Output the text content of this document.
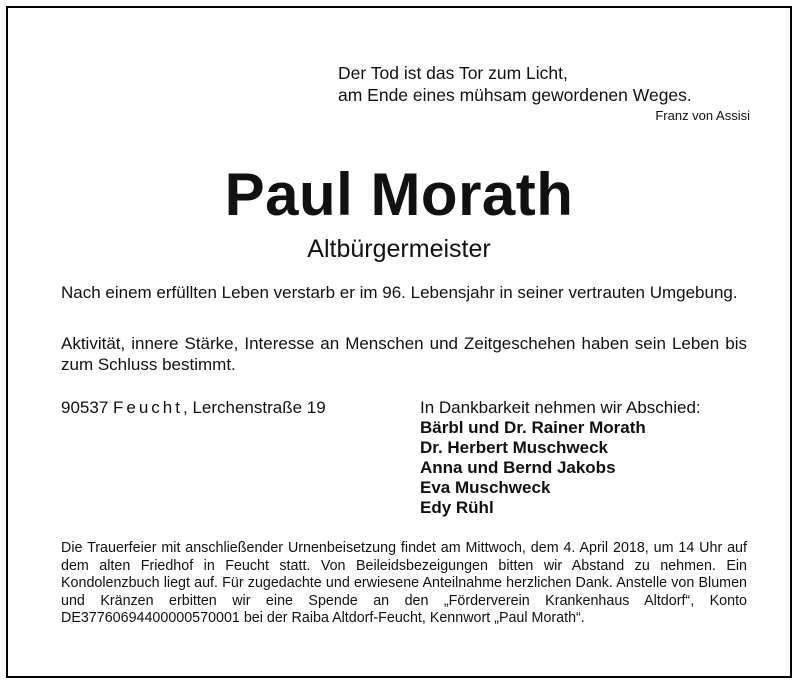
Der Tod ist das Tor zum Licht,
am Ende eines mühsam gewordenen Weges.
Franz von Assisi
Paul Morath
Altbürgermeister

Nach einem erfüllten Leben verstarb er im 96. Lebensjahr in seiner vertrauten Umgebung.

Aktivität, innere Stärke, Interesse an Menschen und Zeitgeschehen haben sein Leben bis zum Schluss bestimmt.

90537 Feucht, Lerchenstraße 19	In Dankbarkeit nehmen wir Abschied:
Bärbl und Dr. Rainer Morath
Dr. Herbert Muschweck
Anna und Bernd Jakobs
Eva Muschweck
Edy Rühl

Die Trauerfeier mit anschließender Urnenbeisetzung findet am Mittwoch, dem 4. April 2018, um 14 Uhr auf dem alten Friedhof in Feucht statt. Von Beileidsbezeigungen bitten wir Abstand zu nehmen. Ein Kondolenzbuch liegt auf. Für zugedachte und erwiesene Anteilnahme herzlichen Dank. Anstelle von Blumen und Kränzen erbitten wir eine Spende an den „Förderverein Krankenhaus Altdorf“, Konto DE37760694400000570001 bei der Raiba Altdorf-Feucht, Kennwort „Paul Morath“.
